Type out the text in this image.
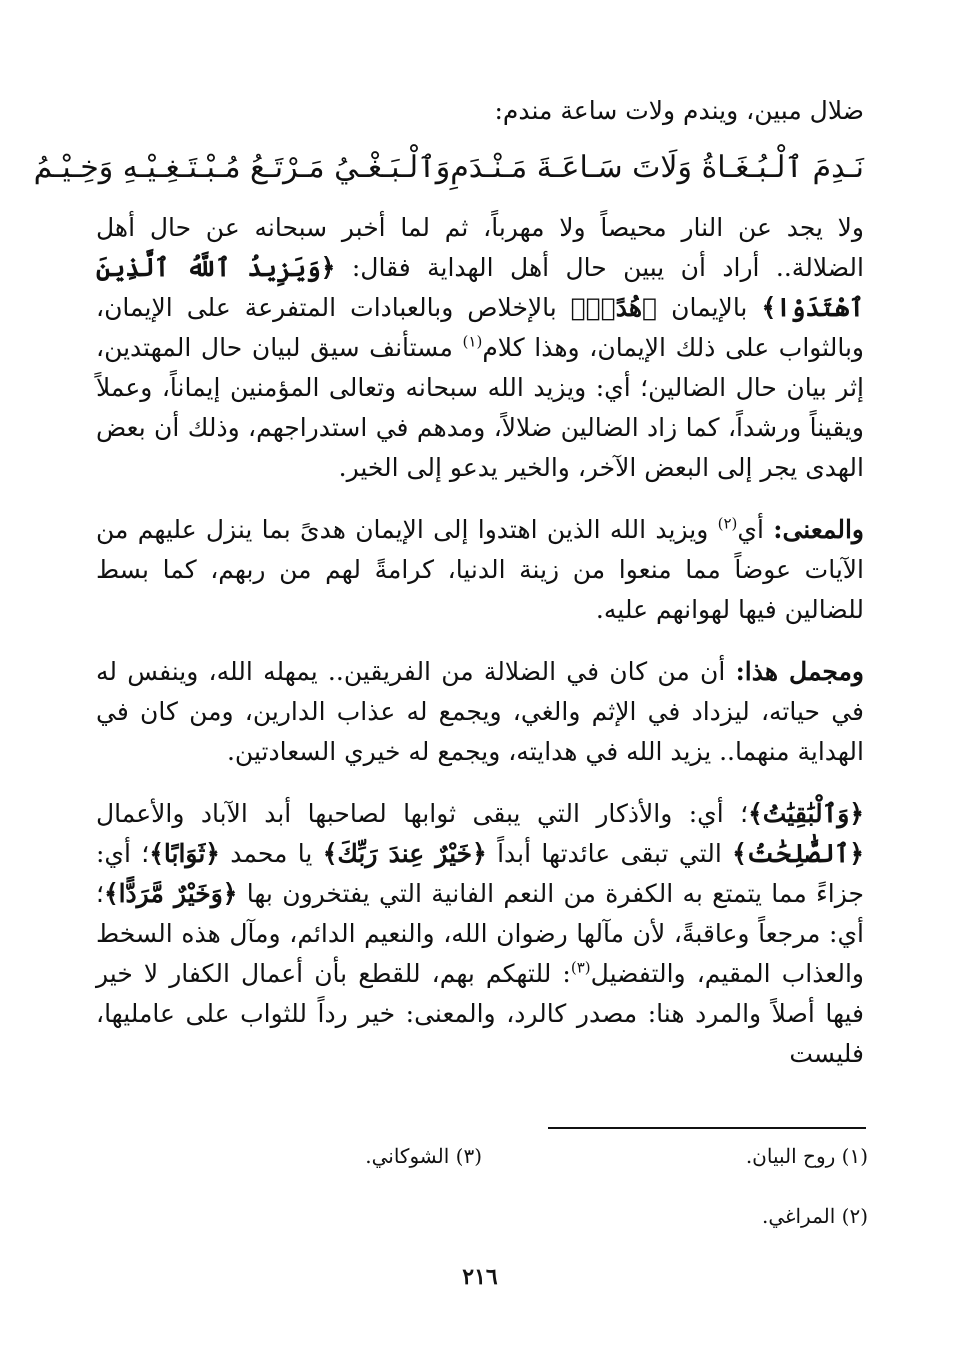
ضلال مبين، ويندم ولات ساعة مندم:
نَـدِمَ ٱلْـبُـغَـاةُ وَلَاتَ سَـاعَـةَ مَـنْـدَمِ
وَٱلْـبَـغْـيُ مَـرْتَـعُ مُـبْـتَـغِـيْـهِ وَخِـيْـمُ

ولا يجد عن النار محيصاً ولا مهرباً، ثم لما أخبر سبحانه عن حال أهل الضلالة.. أراد أن يبين حال أهل الهداية فقال: ﴿وَيَزِيدُ ٱللَّهُ ٱلَّذِينَ ٱهْتَدَوْا﴾ بالإيمان ﴿هُدًىۗ﴾ بالإخلاص وبالعبادات المتفرعة على الإيمان، وبالثواب على ذلك الإيمان، وهذا كلام$^{(١)}$ مستأنف سيق لبيان حال المهتدين، إثر بيان حال الضالين؛ أي: ويزيد الله سبحانه وتعالى المؤمنين إيماناً، وعملاً ويقيناً ورشداً، كما زاد الضالين ضلالاً، ومدهم في استدراجهم، وذلك أن بعض الهدى يجر إلى البعض الآخر، والخير يدعو إلى الخير.

والمعنى: أي$^{(٢)}$ ويزيد الله الذين اهتدوا إلى الإيمان هدىً بما ينزل عليهم من الآيات عوضاً مما منعوا من زينة الدنيا، كرامةً لهم من ربهم، كما بسط للضالين فيها لهوانهم عليه.

ومجمل هذا: أن من كان في الضلالة من الفريقين.. يمهله الله، وينفس له في حياته، ليزداد في الإثم والغي، ويجمع له عذاب الدارين، ومن كان في الهداية منهما.. يزيد الله في هدايته، ويجمع له خيري السعادتين.

﴿وَٱلْبَٰقِيَٰتُ﴾؛ أي: والأذكار التي يبقى ثوابها لصاحبها أبد الآباد والأعمال ﴿ٱلصَّٰلِحَٰتُ﴾ التي تبقى عائدتها أبداً ﴿خَيْرٌ عِندَ رَبِّكَ﴾ يا محمد ﴿ثَوَابًا﴾؛ أي: جزاءً مما يتمتع به الكفرة من النعم الفانية التي يفتخرون بها ﴿وَخَيْرٌ مَّرَدًّا﴾؛ أي: مرجعاً وعاقبةً، لأن مآلها رضوان الله، والنعيم الدائم، ومآل هذه السخط والعذاب المقيم، والتفضيل$^{(٣)}$: للتهكم بهم، للقطع بأن أعمال الكفار لا خير فيها أصلاً والمرد هنا: مصدر كالرد، والمعنى: خير رداً للثواب على عامليها، فليست

(١) روح البيان.
(٣) الشوكاني.
(٢) المراغي.
٢١٦
